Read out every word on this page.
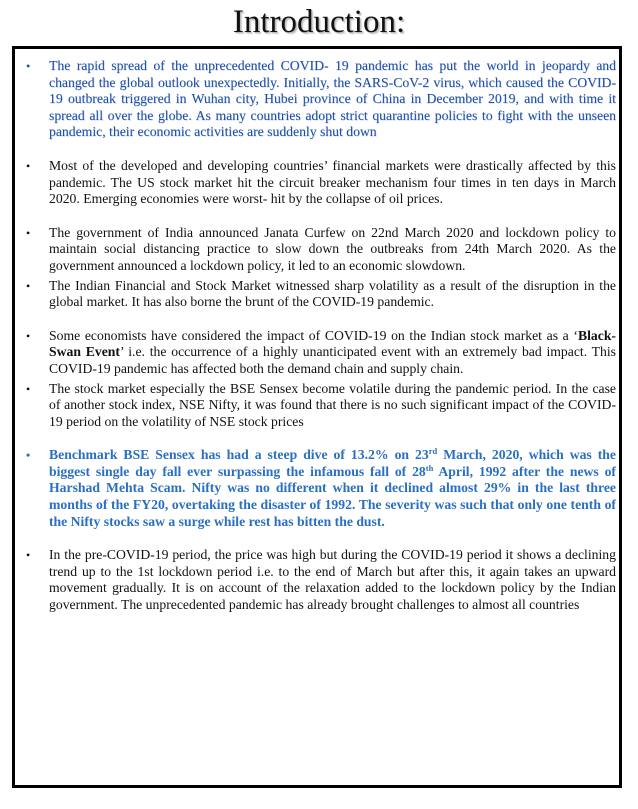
Introduction:

• The rapid spread of the unprecedented COVID- 19 pandemic has put the world in jeopardy and changed the global outlook unexpectedly. Initially, the SARS-CoV-2 virus, which caused the COVID-19 outbreak triggered in Wuhan city, Hubei province of China in December 2019, and with time it spread all over the globe. As many countries adopt strict quarantine policies to fight with the unseen pandemic, their economic activities are suddenly shut down

• Most of the developed and developing countries’ financial markets were drastically affected by this pandemic. The US stock market hit the circuit breaker mechanism four times in ten days in March 2020. Emerging economies were worst- hit by the collapse of oil prices.

• The government of India announced Janata Curfew on 22nd March 2020 and lockdown policy to maintain social distancing practice to slow down the outbreaks from 24th March 2020. As the government announced a lockdown policy, it led to an economic slowdown.

• The Indian Financial and Stock Market witnessed sharp volatility as a result of the disruption in the global market. It has also borne the brunt of the COVID-19 pandemic.

• Some economists have considered the impact of COVID-19 on the Indian stock market as a ‘Black-Swan Event’ i.e. the occurrence of a highly unanticipated event with an extremely bad impact. This COVID-19 pandemic has affected both the demand chain and supply chain.

• The stock market especially the BSE Sensex become volatile during the pandemic period. In the case of another stock index, NSE Nifty, it was found that there is no such significant impact of the COVID-19 period on the volatility of NSE stock prices

• Benchmark BSE Sensex has had a steep dive of 13.2% on 23rd March, 2020, which was the biggest single day fall ever surpassing the infamous fall of 28th April, 1992 after the news of Harshad Mehta Scam. Nifty was no different when it declined almost 29% in the last three months of the FY20, overtaking the disaster of 1992. The severity was such that only one tenth of the Nifty stocks saw a surge while rest has bitten the dust.

• In the pre-COVID-19 period, the price was high but during the COVID-19 period it shows a declining trend up to the 1st lockdown period i.e. to the end of March but after this, it again takes an upward movement gradually. It is on account of the relaxation added to the lockdown policy by the Indian government. The unprecedented pandemic has already brought challenges to almost all countries
